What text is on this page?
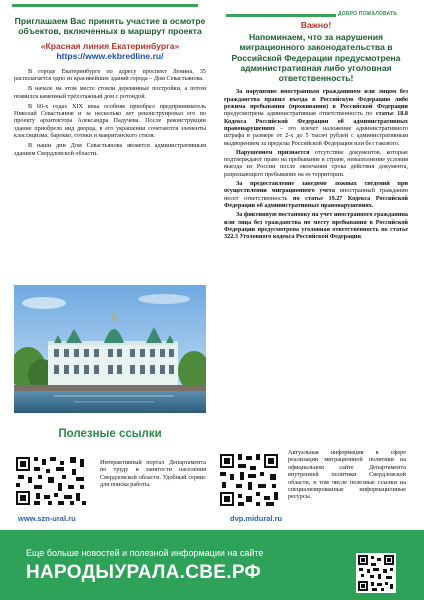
ДОБРО ПОЖАЛОВАТЬ
Приглашаем Вас принять участие в осмотре объектов, включенных в маршрут проекта
«Красная линия Екатеринбурга»
https://www.ekbredline.ru/

В городе Екатеринбурге по адресу проспект Ленина, 35 располагается одно из красивейших зданий города – Дом Севастьянова.

В начале на этом месте стояли деревянные постройки, а потом появился каменный трёхэтажный дом с ротондой.

В 60-х годах XIX века особняк приобрел предприниматель Николай Севастьянов и за несколько лет реконструировал его по проекту архитектора Александра Падучева. После реконструкции здание приобрело вид дворца, в его украшении сочетаются элементы классицизма, барокко, готики и мавританского стиля.

В наши дни Дом Севастьянова является административным зданием Свердловской области.

Полезные ссылки
Интерактивный портал Департамента по труду и занятости населения Свердловской области. Удобный сервис для поиска работы.
www.szn-ural.ru
Актуальная информация в сфере реализации миграционной политики на официальном сайте Департамента внутренней политики Свердловской области, в том числе полезные ссылки на специализированные информационные ресурсы.
dvp.midural.ru
Важно!
Напоминаем, что за нарушения миграционного законодательства в Российской Федерации предусмотрена административная либо уголовная ответственность!

За нарушение иностранным гражданином или лицом без гражданства правил въезда в Российскую Федерацию либо режима пребывания (проживания) в Российской Федерации предусмотрена административная ответственность по статье 18.8 Кодекса Российской Федерации об административных правонарушениях – это влечет наложение административного штрафа в размере от 2-х до 5 тысяч рублей с административным выдворением за пределы Российской Федерации или без такового.

Нарушением признается отсутствие документов, которые подтверждают право на пребывание в стране, невыполнение условия выезда из России после окончания срока действия документа, разрешающего пребывание на ее территории.

За предоставление заведомо ложных сведений при осуществлении миграционного учета иностранный гражданин несет ответственность по статье 19.27 Кодекса Российской Федерации об административных правонарушениях.

За фиктивную постановку на учет иностранного гражданина или лица без гражданства по месту пребывания в Российской Федерации предусмотрена уголовная ответственность по статье 322.3 Уголовного кодекса Российской Федерации.

Еще больше новостей и полезной информации на сайте
НАРОДЫУРАЛА.СВЕ.РФ
